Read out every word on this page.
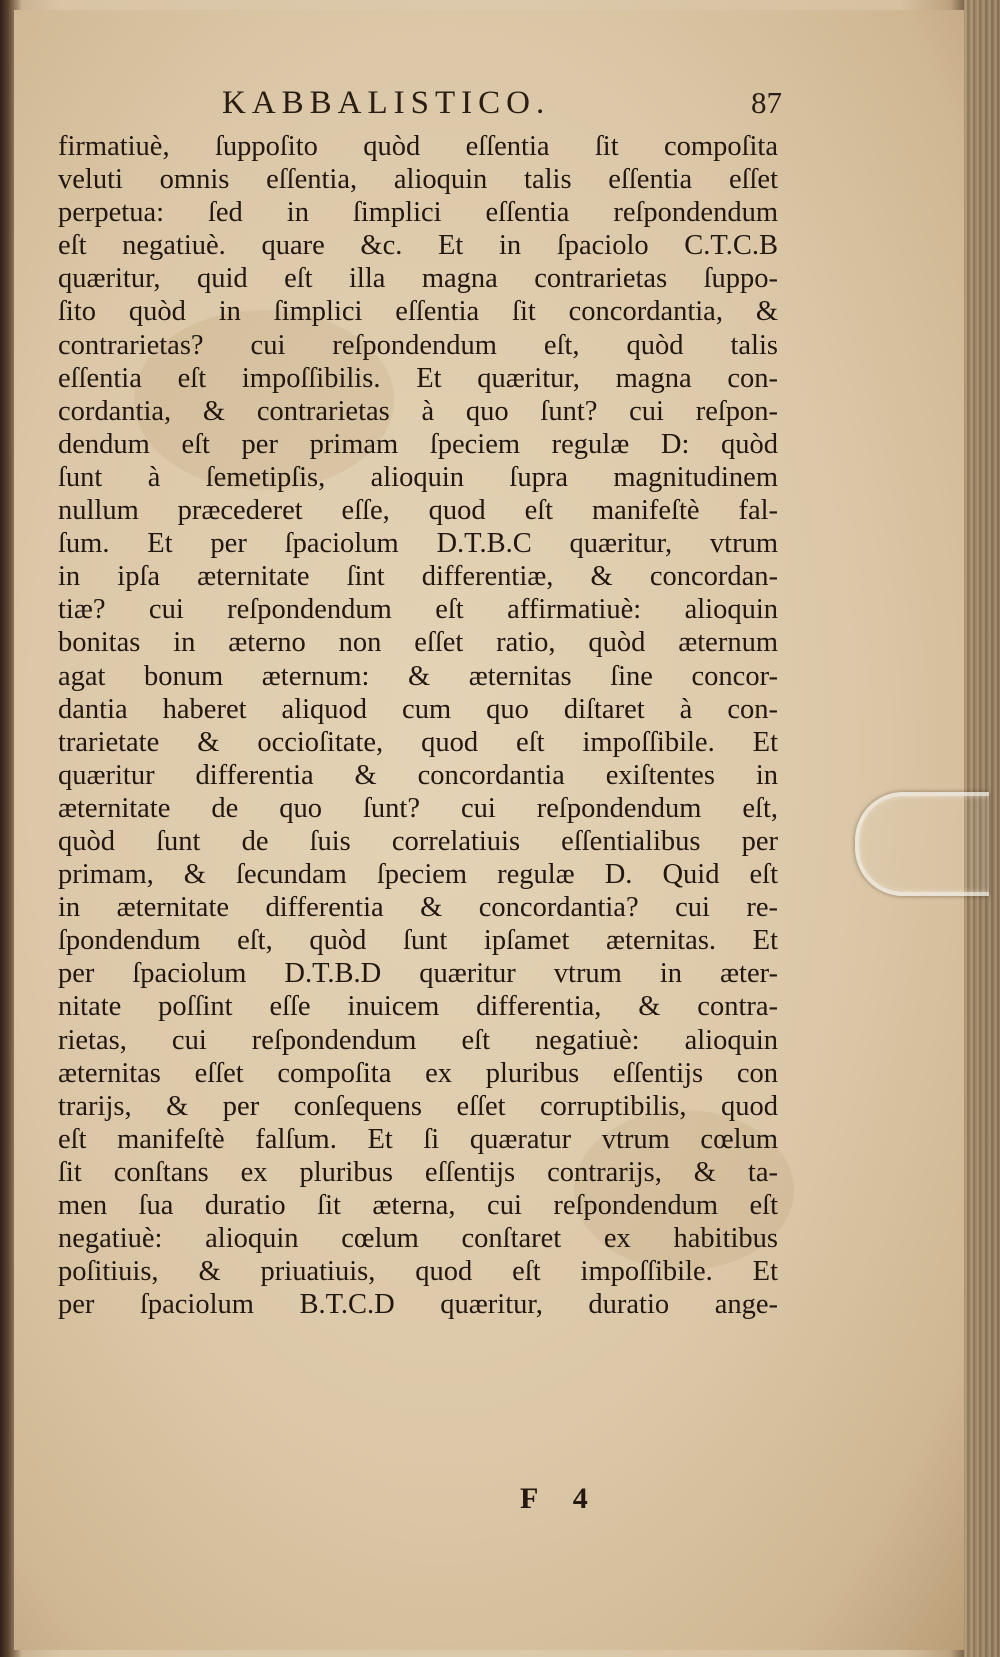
KABBALISTICO.	87
firmatiuè, ſuppoſito quòd eſſentia ſit compoſita
veluti omnis eſſentia, alioquin talis eſſentia eſſet
perpetua: ſed in ſimplici eſſentia reſpondendum
eſt negatiuè. quare &c. Et in ſpaciolo C.T.C.B
quæritur, quid eſt illa magna contrarietas ſuppo-
ſito quòd in ſimplici eſſentia ſit concordantia, &
contrarietas? cui reſpondendum eſt, quòd talis
eſſentia eſt impoſſibilis. Et quæritur, magna con-
cordantia, & contrarietas à quo ſunt? cui reſpon-
dendum eſt per primam ſpeciem regulæ D: quòd
ſunt à ſemetipſis, alioquin ſupra magnitudinem
nullum præcederet eſſe, quod eſt manifeſtè fal-
ſum. Et per ſpaciolum D.T.B.C quæritur, vtrum
in ipſa æternitate ſint differentiæ, & concordan-
tiæ? cui reſpondendum eſt affirmatiuè: alioquin
bonitas in æterno non eſſet ratio, quòd æternum
agat bonum æternum: & æternitas ſine concor-
dantia haberet aliquod cum quo diſtaret à con-
trarietate & occioſitate, quod eſt impoſſibile. Et
quæritur differentia & concordantia exiſtentes in
æternitate de quo ſunt? cui reſpondendum eſt,
quòd ſunt de ſuis correlatiuis eſſentialibus per
primam, & ſecundam ſpeciem regulæ D. Quid eſt
in æternitate differentia & concordantia? cui re-
ſpondendum eſt, quòd ſunt ipſamet æternitas. Et
per ſpaciolum D.T.B.D quæritur vtrum in æter-
nitate poſſint eſſe inuicem differentia, & contra-
rietas, cui reſpondendum eſt negatiuè: alioquin
æternitas eſſet compoſita ex pluribus eſſentijs con
trarijs, & per conſequens eſſet corruptibilis, quod
eſt manifeſtè falſum. Et ſi quæratur vtrum cœlum
ſit conſtans ex pluribus eſſentijs contrarijs, & ta-
men ſua duratio ſit æterna, cui reſpondendum eſt
negatiuè: alioquin cœlum conſtaret ex habitibus
poſitiuis, & priuatiuis, quod eſt impoſſibile. Et
per ſpaciolum B.T.C.D quæritur, duratio ange-
F 4
